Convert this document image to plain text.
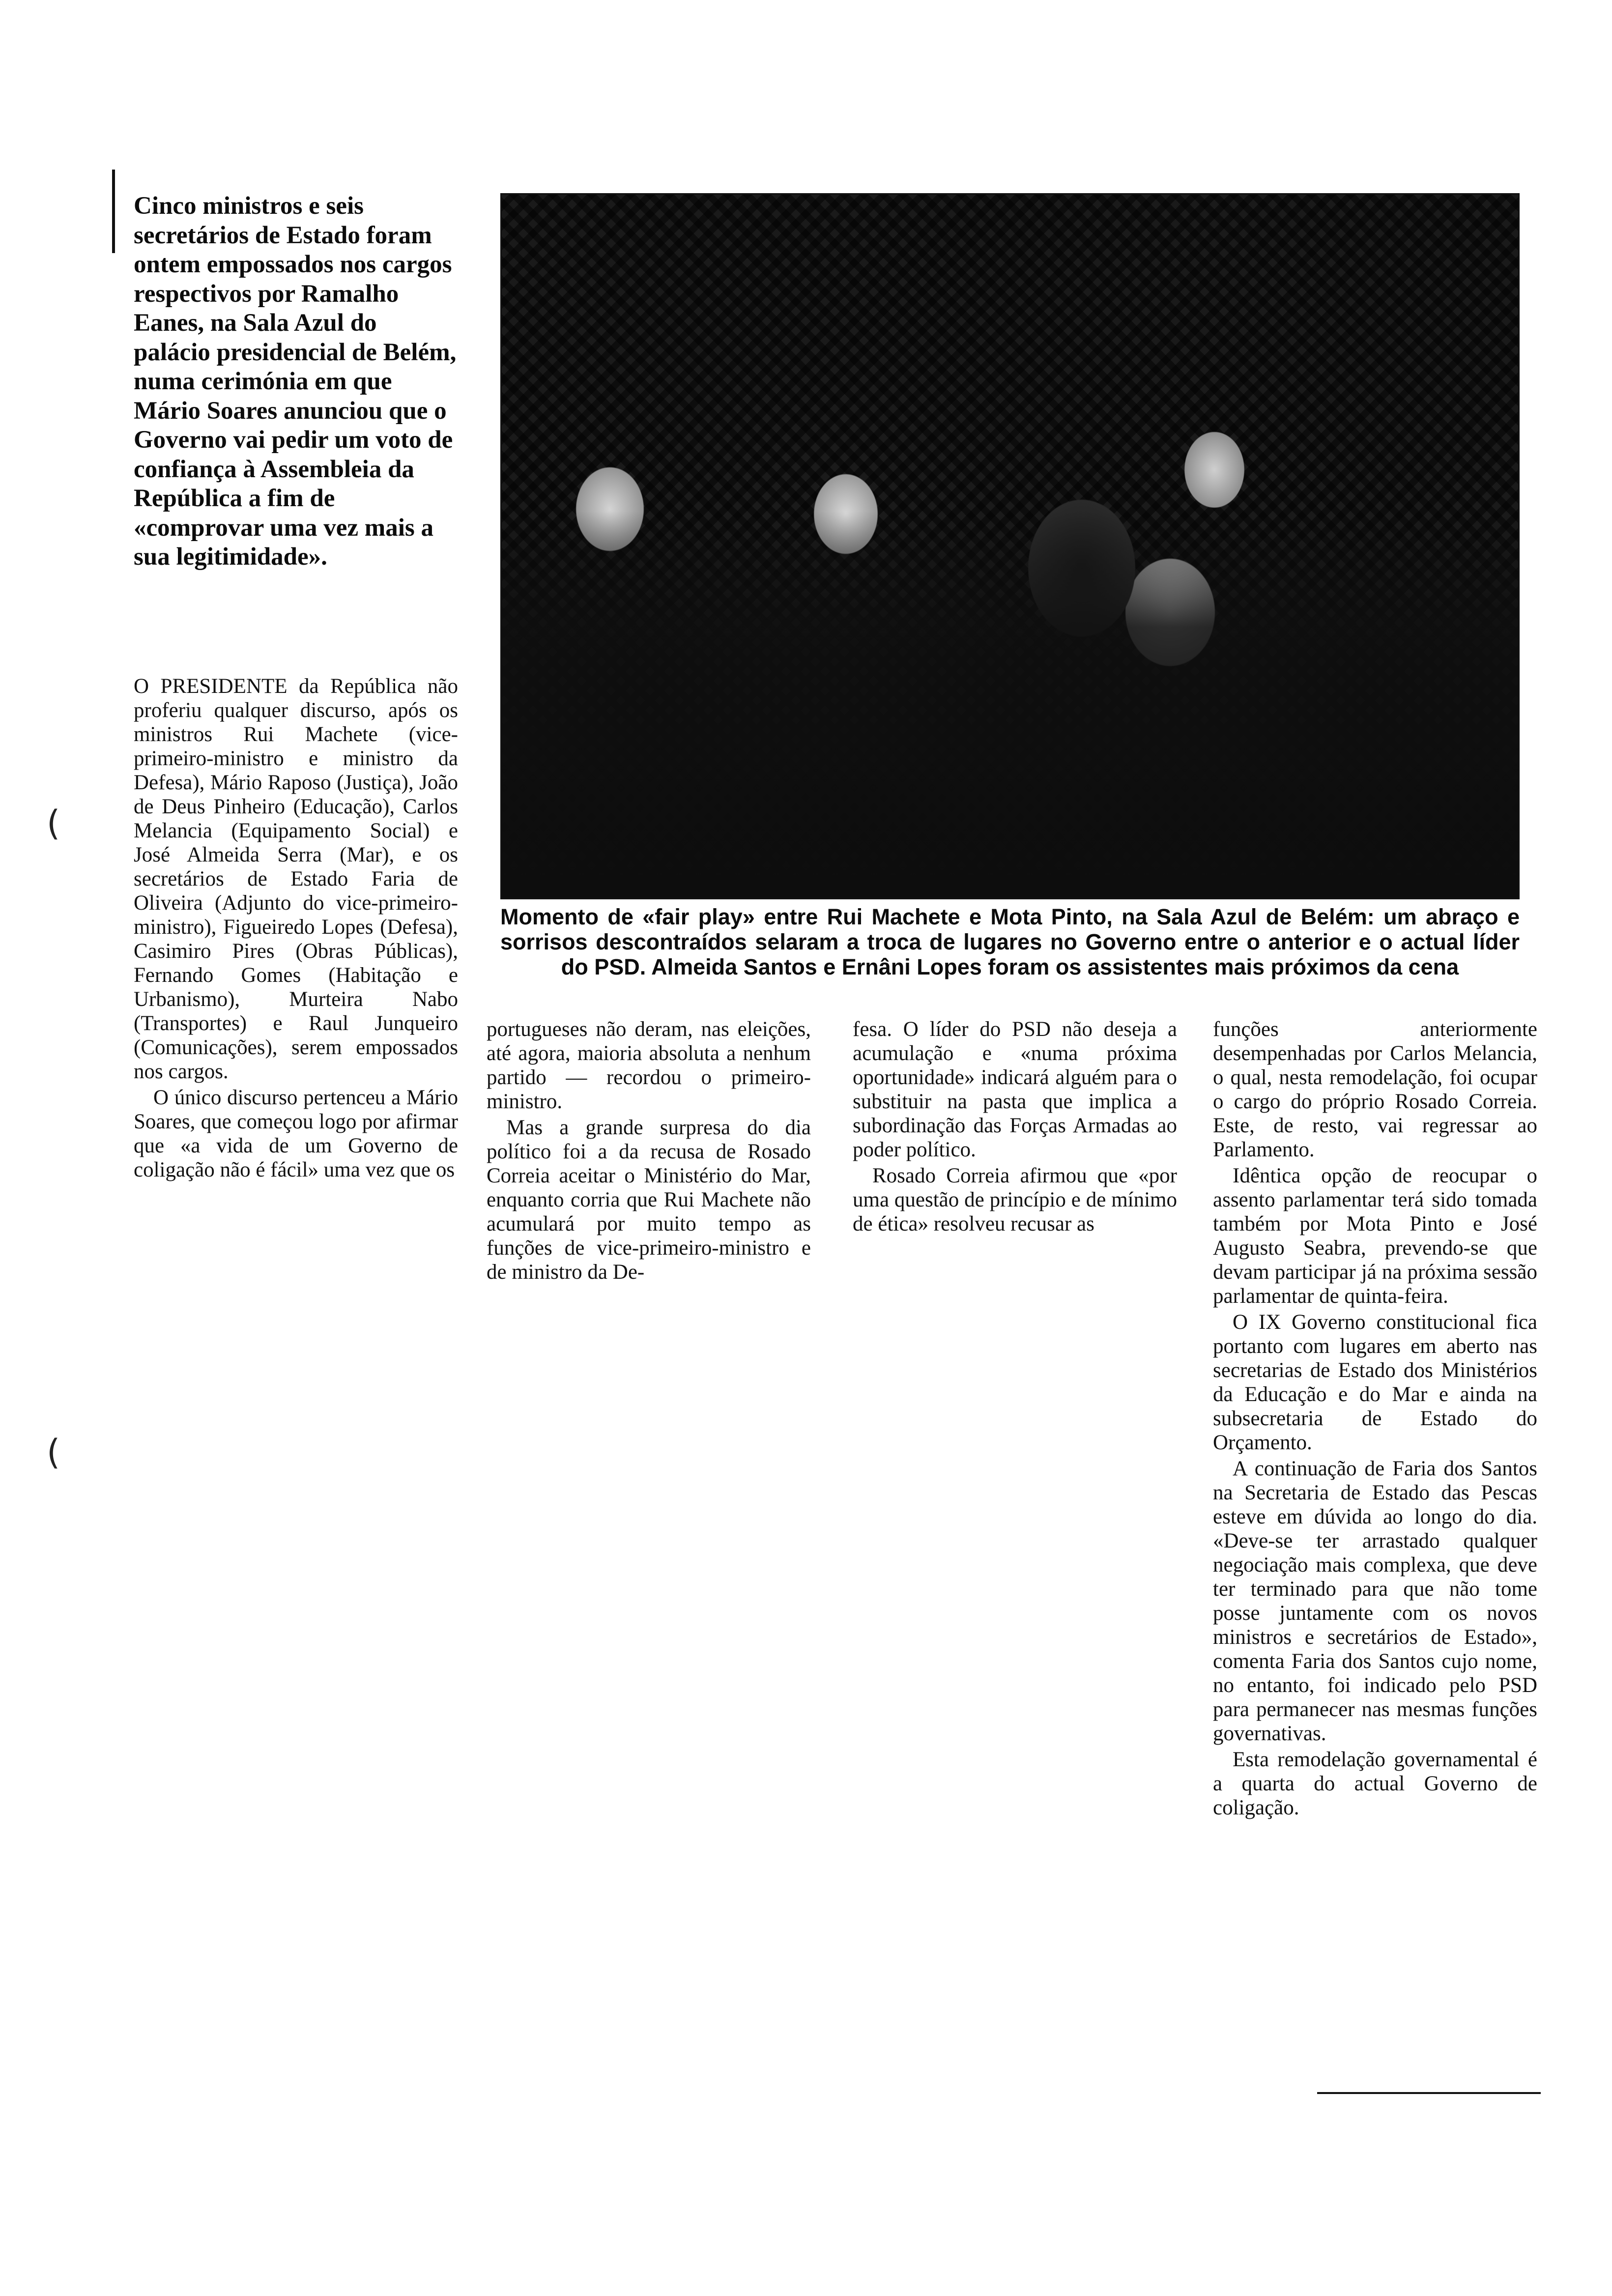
Cinco ministros e seis secretários de Estado foram ontem empossados nos cargos respectivos por Ramalho Eanes, na Sala Azul do palácio presidencial de Belém, numa cerimónia em que Mário Soares anunciou que o Governo vai pedir um voto de confiança à Assembleia da República a fim de «comprovar uma vez mais a sua legitimidade».

O PRESIDENTE da República não proferiu qualquer discurso, após os ministros Rui Machete (vice-primeiro-ministro e ministro da Defesa), Mário Raposo (Justiça), João de Deus Pinheiro (Educação), Carlos Melancia (Equipamento Social) e José Almeida Serra (Mar), e os secretários de Estado Faria de Oliveira (Adjunto do vice-primeiro-ministro), Figueiredo Lopes (Defesa), Casimiro Pires (Obras Públicas), Fernando Gomes (Habitação e Urbanismo), Murteira Nabo (Transportes) e Raul Junqueiro (Comunicações), serem empossados nos cargos.

O único discurso pertenceu a Mário Soares, que começou logo por afirmar que «a vida de um Governo de coligação não é fácil» uma vez que os

Momento de «fair play» entre Rui Machete e Mota Pinto, na Sala Azul de Belém: um abraço e sorrisos descontraídos selaram a troca de lugares no Governo entre o anterior e o actual líder do PSD. Almeida Santos e Ernâni Lopes foram os assistentes mais próximos da cena

portugueses não deram, nas eleições, até agora, maioria absoluta a nenhum partido — recordou o primeiro-ministro.

Mas a grande surpresa do dia político foi a da recusa de Rosado Correia aceitar o Ministério do Mar, enquanto corria que Rui Machete não acumulará por muito tempo as funções de vice-primeiro-ministro e de ministro da De-

fesa. O líder do PSD não deseja a acumulação e «numa próxima oportunidade» indicará alguém para o substituir na pasta que implica a subordinação das Forças Armadas ao poder político.

Rosado Correia afirmou que «por uma questão de princípio e de mínimo de ética» resolveu recusar as

funções anteriormente desempenhadas por Carlos Melancia, o qual, nesta remodelação, foi ocupar o cargo do próprio Rosado Correia. Este, de resto, vai regressar ao Parlamento.

Idêntica opção de reocupar o assento parlamentar terá sido tomada também por Mota Pinto e José Augusto Seabra, prevendo-se que devam participar já na próxima sessão parlamentar de quinta-feira.

O IX Governo constitucional fica portanto com lugares em aberto nas secretarias de Estado dos Ministérios da Educação e do Mar e ainda na subsecretaria de Estado do Orçamento.

A continuação de Faria dos Santos na Secretaria de Estado das Pescas esteve em dúvida ao longo do dia. «Deve-se ter arrastado qualquer negociação mais complexa, que deve ter terminado para que não tome posse juntamente com os novos ministros e secretários de Estado», comenta Faria dos Santos cujo nome, no entanto, foi indicado pelo PSD para permanecer nas mesmas funções governativas.

Esta remodelação governamental é a quarta do actual Governo de coligação.

(
(
